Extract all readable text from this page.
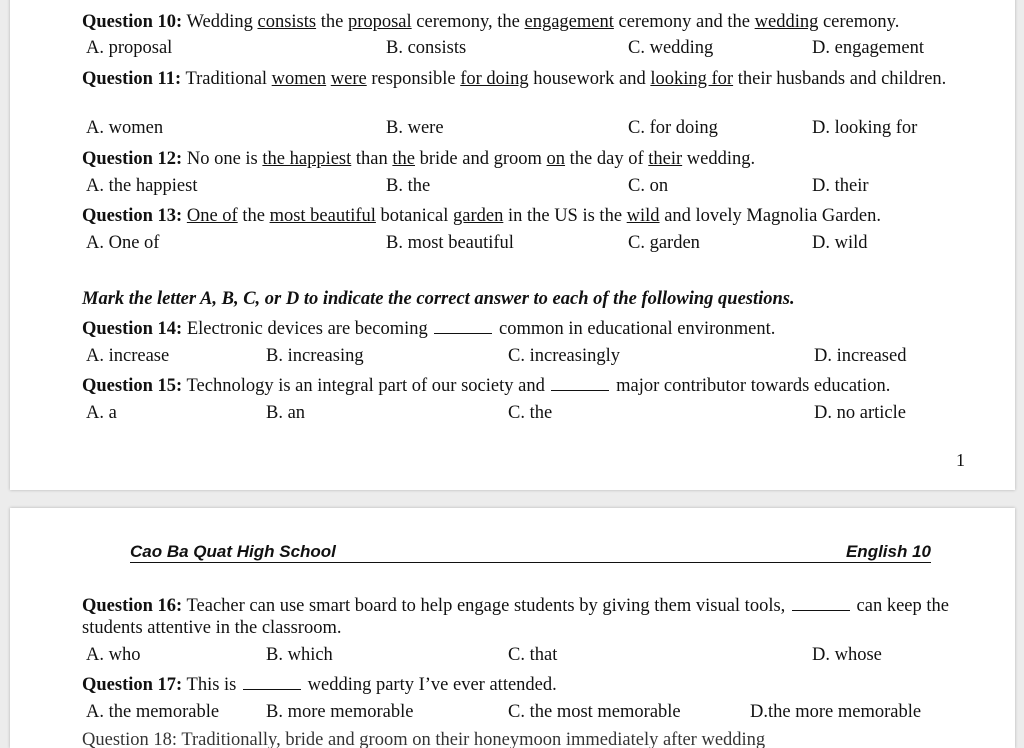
Question 10: Wedding consists the proposal ceremony, the engagement ceremony and the wedding ceremony.
A. proposal	B. consists	C. wedding	D. engagement
Question 11: Traditional women were responsible for doing housework and looking for their husbands and children.
A. women	B. were	C. for doing	D. looking for
Question 12: No one is the happiest than the bride and groom on the day of their wedding.
A. the happiest	B. the	C. on	D. their
Question 13: One of the most beautiful botanical garden in the US is the wild and lovely Magnolia Garden.
A. One of	B. most beautiful	C. garden	D. wild
Mark the letter A, B, C, or D to indicate the correct answer to each of the following questions.
Question 14: Electronic devices are becoming	common in educational environment.
A. increase	B. increasing	C. increasingly	D. increased
Question 15: Technology is an integral part of our society and	major contributor towards education.
A. a	B. an	C. the	D. no article
1
Cao Ba Quat High School	English 10
Question 16: Teacher can use smart board to help engage students by giving them visual tools,	can keep the students attentive in the classroom.
A. who	B. which	C. that	D. whose
Question 17: This is	wedding party I’ve ever attended.
A. the memorable	B. more memorable	C. the most memorable	D.the more memorable
Question 18: Traditionally, bride and groom on their honeymoon immediately after wedding
